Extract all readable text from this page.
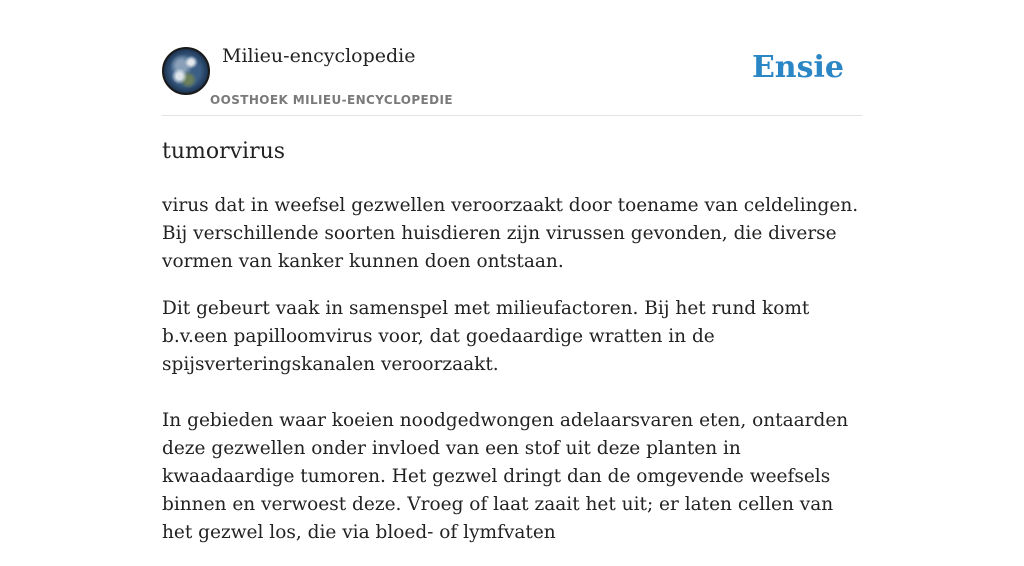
Milieu-encyclopedie
OOSTHOEK MILIEU-ENCYCLOPEDIE
Ensie
tumorvirus

virus dat in weefsel gezwellen veroorzaakt door toename van celdelingen. Bij verschillende soorten huisdieren zijn virussen gevonden, die diverse vormen van kanker kunnen doen ontstaan.

Dit gebeurt vaak in samenspel met milieufactoren. Bij het rund komt b.v.een papilloomvirus voor, dat goedaardige wratten in de spijsverteringskanalen veroorzaakt.

In gebieden waar koeien noodgedwongen adelaarsvaren eten, ontaarden deze gezwellen onder invloed van een stof uit deze planten in kwaadaardige tumoren. Het gezwel dringt dan de omgevende weefsels binnen en verwoest deze. Vroeg of laat zaait het uit; er laten cellen van het gezwel los, die via bloed- of lymfvaten
